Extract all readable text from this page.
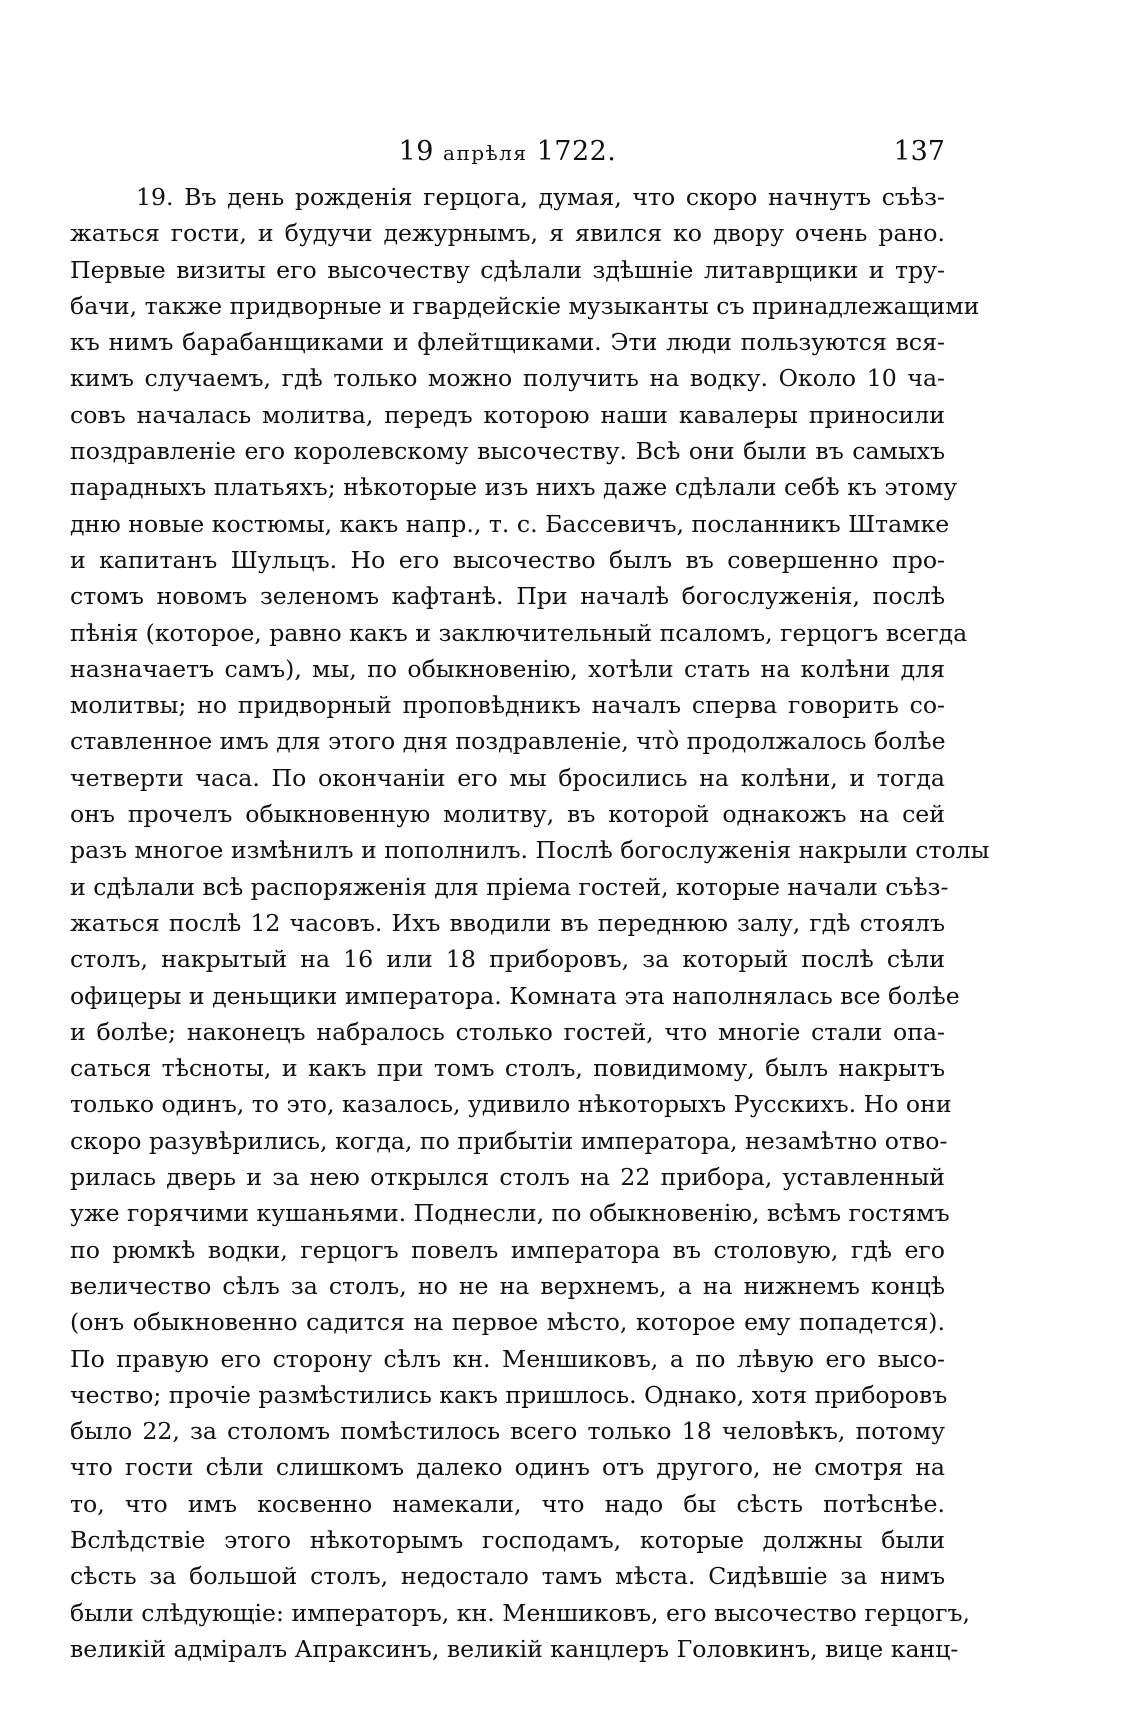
19 апрѣля 1722.	137
19. Въ день рожденія герцога, думая, что скоро начнутъ съѣз-
жаться гости, и будучи дежурнымъ, я явился ко двору очень рано.
Первые визиты его высочеству сдѣлали здѣшніе литаврщики и тру-
бачи, также придворные и гвардейскіе музыканты съ принадлежащими
къ нимъ барабанщиками и флейтщиками. Эти люди пользуются вся-
кимъ случаемъ, гдѣ только можно получить на водку. Около 10 ча-
совъ началась молитва, передъ которою наши кавалеры приносили
поздравленіе его королевскому высочеству. Всѣ они были въ самыхъ
парадныхъ платьяхъ; нѣкоторые изъ нихъ даже сдѣлали себѣ къ этому
дню новые костюмы, какъ напр., т. с. Бассевичъ, посланникъ Штамке
и капитанъ Шульцъ. Но его высочество былъ въ совершенно про-
стомъ новомъ зеленомъ кафтанѣ. При началѣ богослуженія, послѣ
пѣнія (которое, равно какъ и заключительный псаломъ, герцогъ всегда
назначаетъ самъ), мы, по обыкновенію, хотѣли стать на колѣни для
молитвы; но придворный проповѣдникъ началъ сперва говорить со-
ставленное имъ для этого дня поздравленіе, что̀ продолжалось болѣе
четверти часа. По окончаніи его мы бросились на колѣни, и тогда
онъ прочелъ обыкновенную молитву, въ которой однакожъ на сей
разъ многое измѣнилъ и пополнилъ. Послѣ богослуженія накрыли столы
и сдѣлали всѣ распоряженія для пріема гостей, которые начали съѣз-
жаться послѣ 12 часовъ. Ихъ вводили въ переднюю залу, гдѣ стоялъ
столъ, накрытый на 16 или 18 приборовъ, за который послѣ сѣли
офицеры и деньщики императора. Комната эта наполнялась все болѣе
и болѣе; наконецъ набралось столько гостей, что многіе стали опа-
саться тѣсноты, и какъ при томъ столъ, повидимому, былъ накрытъ
только одинъ, то это, казалось, удивило нѣкоторыхъ Русскихъ. Но они
скоро разувѣрились, когда, по прибытіи императора, незамѣтно отво-
рилась дверь и за нею открылся столъ на 22 прибора, уставленный
уже горячими кушаньями. Поднесли, по обыкновенію, всѣмъ гостямъ
по рюмкѣ водки, герцогъ повелъ императора въ столовую, гдѣ его
величество сѣлъ за столъ, но не на верхнемъ, а на нижнемъ концѣ
(онъ обыкновенно садится на первое мѣсто, которое ему попадется).
По правую его сторону сѣлъ кн. Меншиковъ, а по лѣвую его высо-
чество; прочіе размѣстились какъ пришлось. Однако, хотя приборовъ
было 22, за столомъ помѣстилось всего только 18 человѣкъ, потому
что гости сѣли слишкомъ далеко одинъ отъ другого, не смотря на
то, что имъ косвенно намекали, что надо бы сѣсть потѣснѣе.
Вслѣдствіе этого нѣкоторымъ господамъ, которые должны были
сѣсть за большой столъ, недостало тамъ мѣста. Сидѣвшіе за нимъ
были слѣдующіе: императоръ, кн. Меншиковъ, его высочество герцогъ,
великій адміралъ Апраксинъ, великій канцлеръ Головкинъ, вице канц-
